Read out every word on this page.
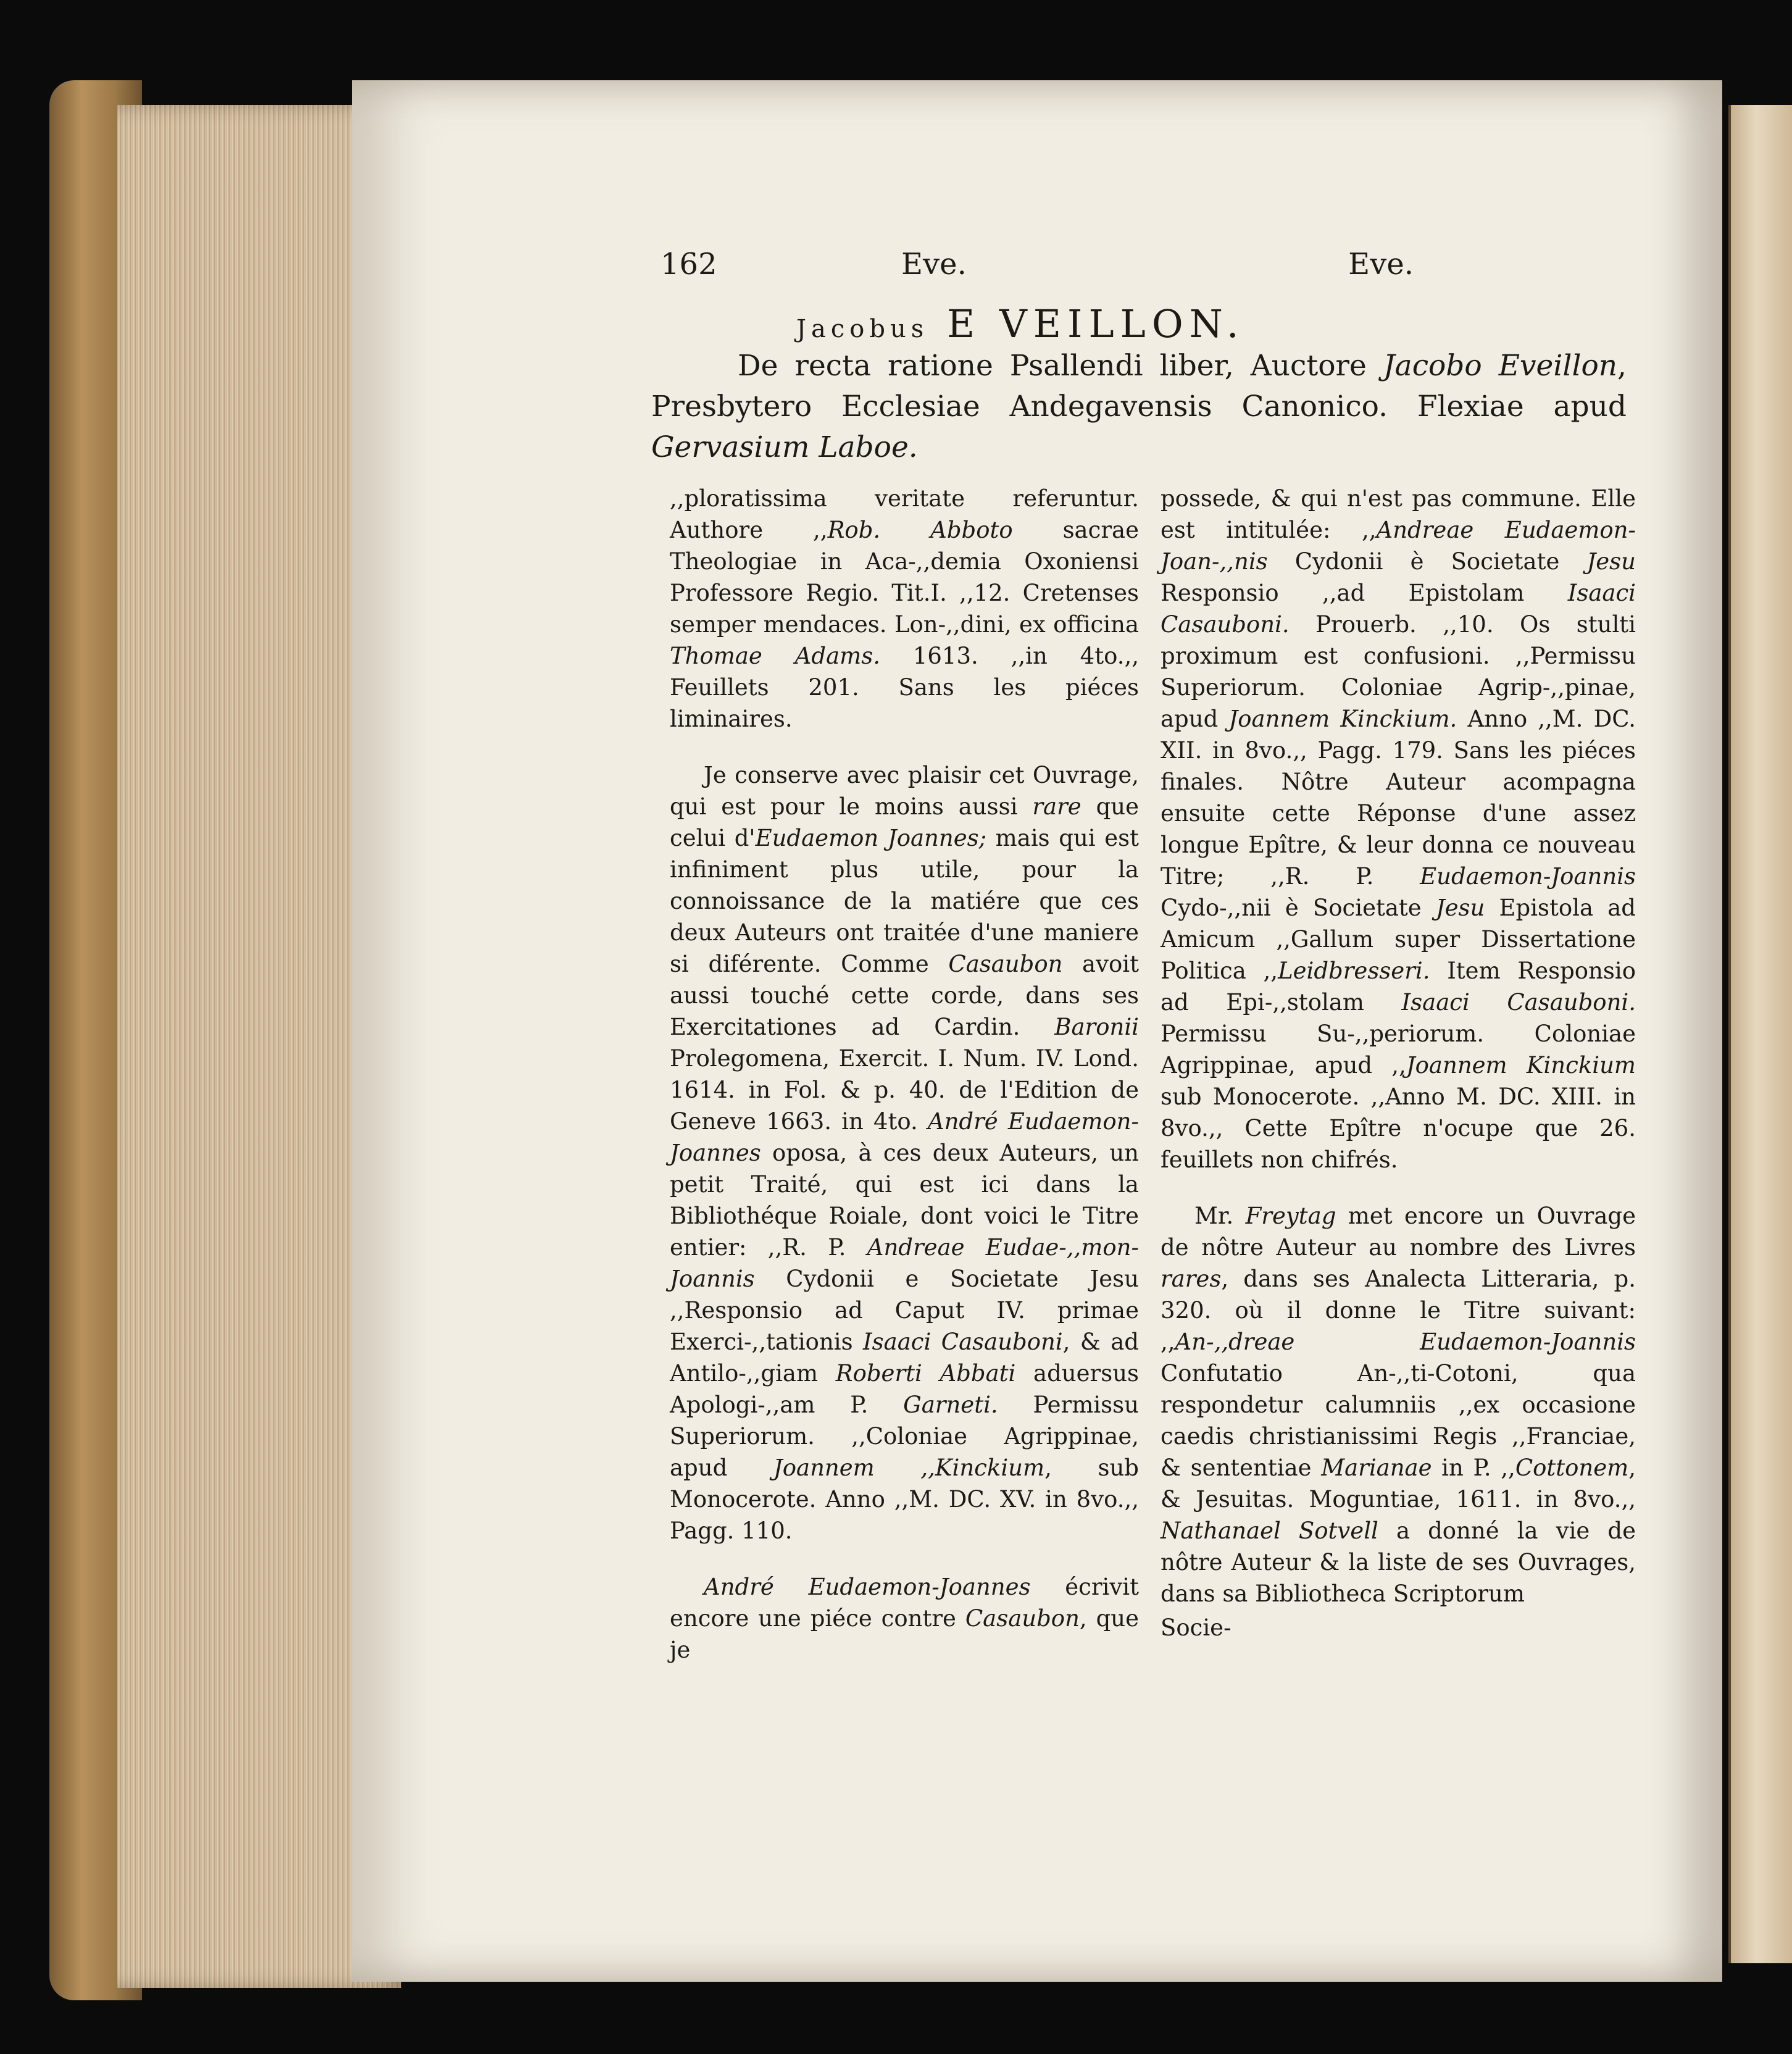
162	Eve.	Eve.
Jacobus E VEILLON.
De recta ratione Psallendi liber, Auctore Jacobo Eveillon, Presbytero Ecclesiae Andegavensis Canonico. Flexiae apud Gervasium Laboe.

,,ploratissima veritate referuntur. Authore ,,Rob. Abboto sacrae Theologiae in Aca-,,demia Oxoniensi Professore Regio. Tit.I. ,,12. Cretenses semper mendaces. Lon-,,dini, ex officina Thomae Adams. 1613. ,,in 4to.,, Feuillets 201. Sans les piéces liminaires.

Je conserve avec plaisir cet Ouvrage, qui est pour le moins aussi rare que celui d'Eudaemon Joannes; mais qui est infiniment plus utile, pour la connoissance de la matiére que ces deux Auteurs ont traitée d'une maniere si diférente. Comme Casaubon avoit aussi touché cette corde, dans ses Exercitationes ad Cardin. Baronii Prolegomena, Exercit. I. Num. IV. Lond. 1614. in Fol. & p. 40. de l'Edition de Geneve 1663. in 4to. André Eudaemon-Joannes oposa, à ces deux Auteurs, un petit Traité, qui est ici dans la Bibliothéque Roiale, dont voici le Titre entier: ,,R. P. Andreae Eudae-,,mon-Joannis Cydonii e Societate Jesu ,,Responsio ad Caput IV. primae Exerci-,,tationis Isaaci Casauboni, & ad Antilo-,,giam Roberti Abbati aduersus Apologi-,,am P. Garneti. Permissu Superiorum. ,,Coloniae Agrippinae, apud Joannem ,,Kinckium, sub Monocerote. Anno ,,M. DC. XV. in 8vo.,, Pagg. 110.

André Eudaemon-Joannes écrivit encore une piéce contre Casaubon, que je

possede, & qui n'est pas commune. Elle est intitulée: ,,Andreae Eudaemon-Joan-,,nis Cydonii è Societate Jesu Responsio ,,ad Epistolam Isaaci Casauboni. Prouerb. ,,10. Os stulti proximum est confusioni. ,,Permissu Superiorum. Coloniae Agrip-,,pinae, apud Joannem Kinckium. Anno ,,M. DC. XII. in 8vo.,, Pagg. 179. Sans les piéces finales. Nôtre Auteur acompagna ensuite cette Réponse d'une assez longue Epître, & leur donna ce nouveau Titre; ,,R. P. Eudaemon-Joannis Cydo-,,nii è Societate Jesu Epistola ad Amicum ,,Gallum super Dissertatione Politica ,,Leidbresseri. Item Responsio ad Epi-,,stolam Isaaci Casauboni. Permissu Su-,,periorum. Coloniae Agrippinae, apud ,,Joannem Kinckium sub Monocerote. ,,Anno M. DC. XIII. in 8vo.,, Cette Epître n'ocupe que 26. feuillets non chifrés.

Mr. Freytag met encore un Ouvrage de nôtre Auteur au nombre des Livres rares, dans ses Analecta Litteraria, p. 320. où il donne le Titre suivant: ,,An-,,dreae Eudaemon-Joannis Confutatio An-,,ti-Cotoni, qua respondetur calumniis ,,ex occasione caedis christianissimi Regis ,,Franciae, & sententiae Marianae in P. ,,Cottonem, & Jesuitas. Moguntiae, 1611. in 8vo.,, Nathanael Sotvell a donné la vie de nôtre Auteur & la liste de ses Ouvrages, dans sa Bibliotheca Scriptorum

Socie-
